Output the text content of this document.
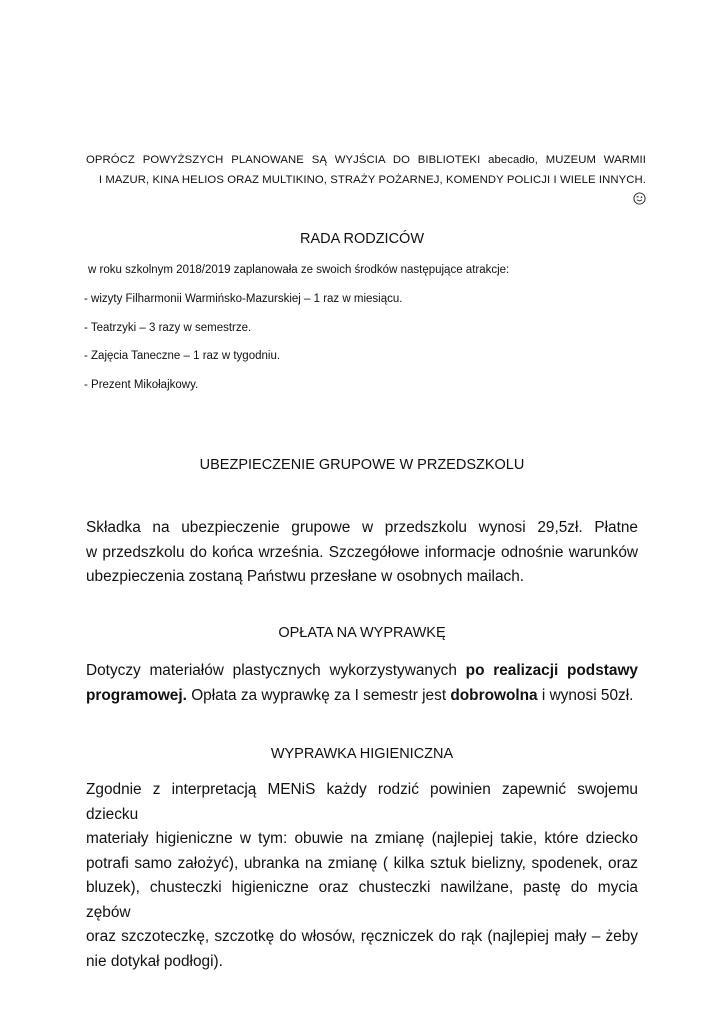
OPRÓCZ POWYŻSZYCH PLANOWANE SĄ WYJŚCIA DO BIBLIOTEKI abecadło, MUZEUM WARMII
I MAZUR, KINA HELIOS ORAZ MULTIKINO, STRAŻY POŻARNEJ, KOMENDY POLICJI I WIELE INNYCH.
RADA RODZICÓW
w roku szkolnym 2018/2019 zaplanowała ze swoich środków następujące atrakcje:
- wizyty Filharmonii Warmińsko-Mazurskiej – 1 raz w miesiącu.
- Teatrzyki – 3 razy w semestrze.
- Zajęcia Taneczne – 1 raz w tygodniu.
- Prezent Mikołajkowy.
UBEZPIECZENIE GRUPOWE W PRZEDSZKOLU
Składka na ubezpieczenie grupowe w przedszkolu wynosi 29,5zł. Płatne
w przedszkolu do końca września. Szczegółowe informacje odnośnie warunków
ubezpieczenia zostaną Państwu przesłane w osobnych mailach.
OPŁATA NA WYPRAWKĘ
Dotyczy materiałów plastycznych wykorzystywanych po realizacji podstawy
programowej. Opłata za wyprawkę za I semestr jest dobrowolna i wynosi 50zł.
WYPRAWKA HIGIENICZNA
Zgodnie z interpretacją MENiS każdy rodzić powinien zapewnić swojemu dziecku
materiały higieniczne w tym: obuwie na zmianę (najlepiej takie, które dziecko
potrafi samo założyć), ubranka na zmianę ( kilka sztuk bielizny, spodenek, oraz
bluzek), chusteczki higieniczne oraz chusteczki nawilżane, pastę do mycia zębów
oraz szczoteczkę, szczotkę do włosów, ręczniczek do rąk (najlepiej mały – żeby
nie dotykał podłogi).
